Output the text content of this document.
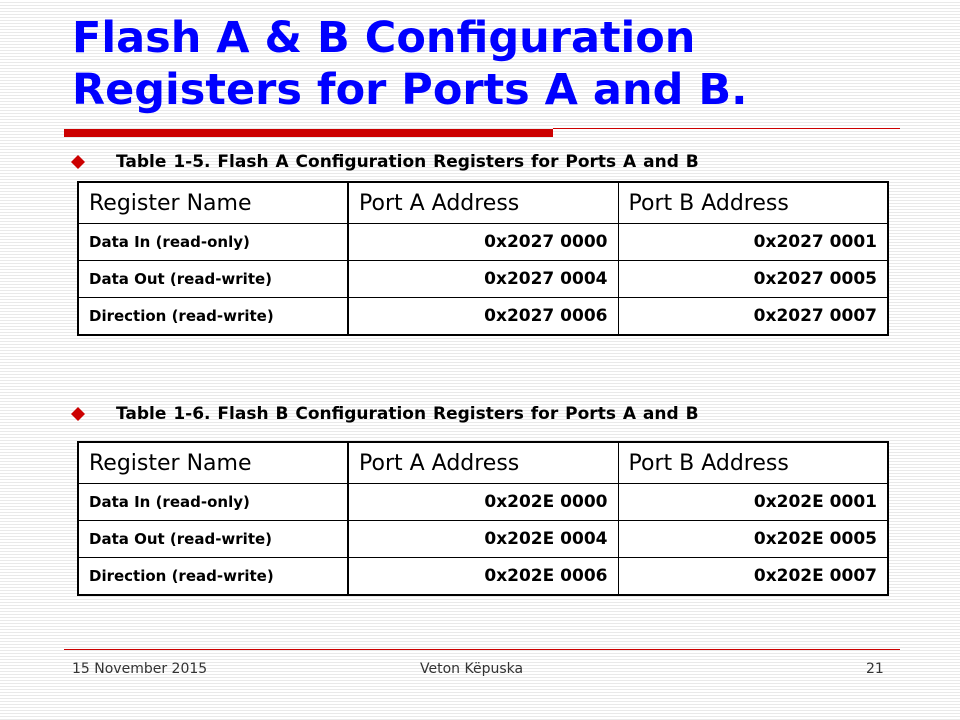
Flash A & B Configuration
Registers for Ports A and B.
Table 1-5. Flash A Configuration Registers for Ports A and B
Register Name	Port A Address	Port B Address
Data In (read-only)	0x2027 0000	0x2027 0001
Data Out (read-write)	0x2027 0004	0x2027 0005
Direction (read-write)	0x2027 0006	0x2027 0007
Table 1-6. Flash B Configuration Registers for Ports A and B
Register Name	Port A Address	Port B Address
Data In (read-only)	0x202E 0000	0x202E 0001
Data Out (read-write)	0x202E 0004	0x202E 0005
Direction (read-write)	0x202E 0006	0x202E 0007
15 November 2015	Veton Këpuska	21
